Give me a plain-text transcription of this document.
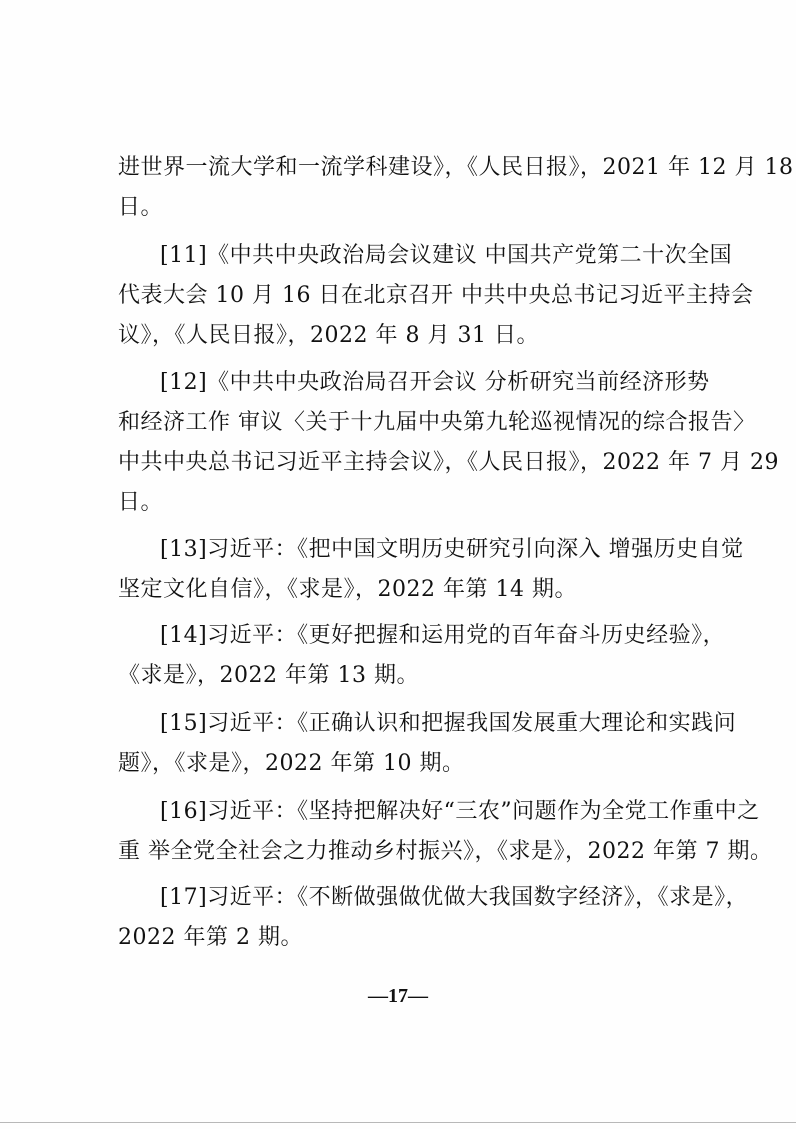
进世界一流大学和一流学科建设》，《人民日报》，2021 年 12 月 18
日。
[11]《中共中央政治局会议建议 中国共产党第二十次全国
代表大会 10 月 16 日在北京召开 中共中央总书记习近平主持会
议》，《人民日报》，2022 年 8 月 31 日。
[12]《中共中央政治局召开会议 分析研究当前经济形势
和经济工作 审议〈关于十九届中央第九轮巡视情况的综合报告〉
中共中央总书记习近平主持会议》，《人民日报》，2022 年 7 月 29
日。
[13]习近平：《把中国文明历史研究引向深入 增强历史自觉
坚定文化自信》，《求是》，2022 年第 14 期。
[14]习近平：《更好把握和运用党的百年奋斗历史经验》，
《求是》，2022 年第 13 期。
[15]习近平：《正确认识和把握我国发展重大理论和实践问
题》，《求是》，2022 年第 10 期。
[16]习近平：《坚持把解决好“三农”问题作为全党工作重中之
重 举全党全社会之力推动乡村振兴》，《求是》，2022 年第 7 期。
[17]习近平：《不断做强做优做大我国数字经济》，《求是》，
2022 年第 2 期。
—17—
